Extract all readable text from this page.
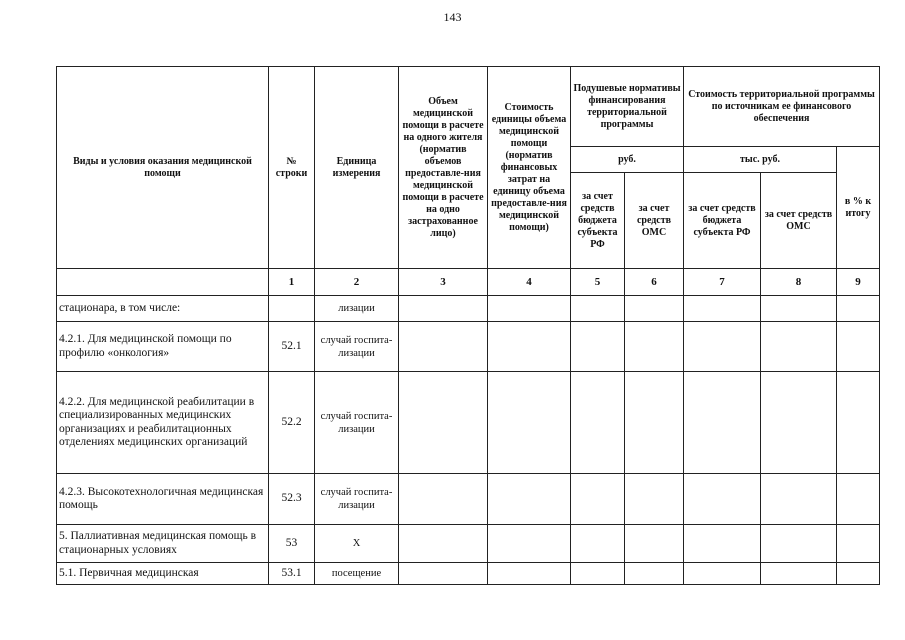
143
Виды и условия оказания медицинской помощи	№ строки	Единица измерения	Объем медицинской помощи в расчете на одного жителя (норматив объемов предоставле-ния медицинской помощи в расчете на одно застрахованное лицо)	Стоимость единицы объема медицинской помощи (норматив финансовых затрат на единицу объема предоставле-ния медицинской помощи)	Подушевые нормативы финансирования территориальной программы		Стоимость территориальной программы по источникам ее финансового обеспечения		
					руб.		тыс. руб.		в % к итогу
					за счет средств бюджета субъекта РФ	за счет средств ОМС	за счет средств бюджета субъекта РФ	за счет средств ОМС	
	1	2	3	4	5	6	7	8	9
стационара, в том числе:		лизации							
4.2.1. Для медицинской помощи по профилю «онкология»	52.1	случай госпита-лизации							
4.2.2. Для медицинской реабилитации в специализированных медицинских организациях и реабилитационных отделениях медицинских организаций	52.2	случай госпита-лизации							
4.2.3. Высокотехнологичная медицинская помощь	52.3	случай госпита-лизации							
5. Паллиативная медицинская помощь в стационарных условиях	53	X							
5.1. Первичная медицинская	53.1	посещение							
